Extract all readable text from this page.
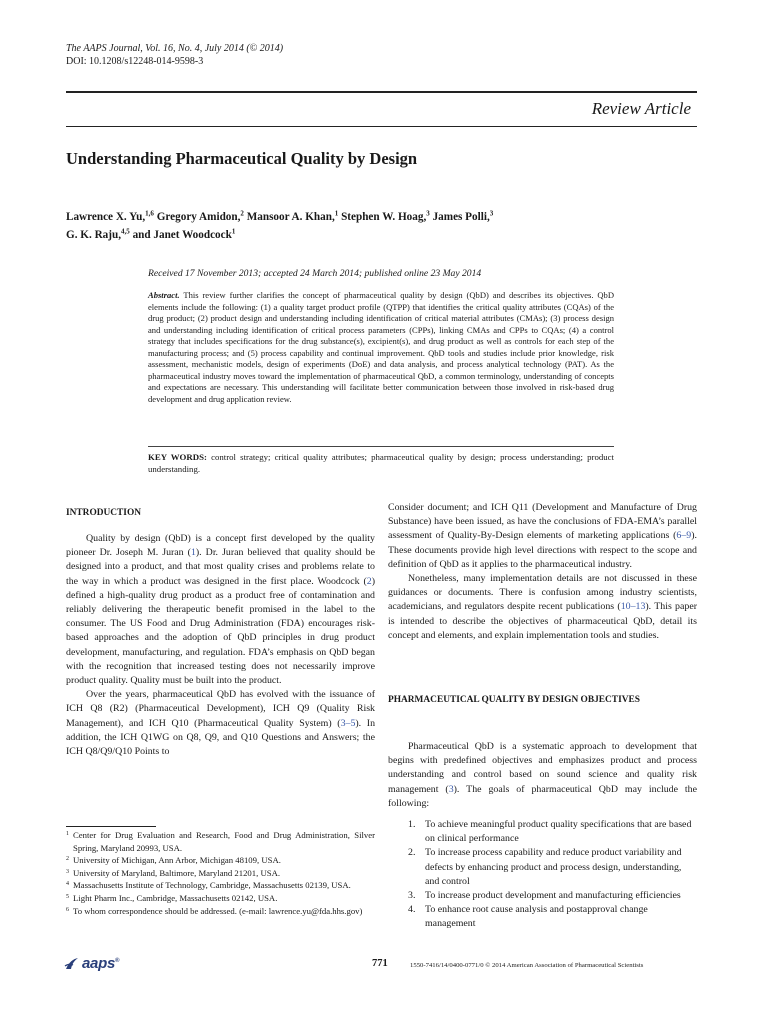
The AAPS Journal, Vol. 16, No. 4, July 2014 (© 2014)
DOI: 10.1208/s12248-014-9598-3
Review Article
Understanding Pharmaceutical Quality by Design
Lawrence X. Yu,$^{1,6}$ Gregory Amidon,$^2$ Mansoor A. Khan,$^1$ Stephen W. Hoag,$^3$ James Polli,$^3$
G. K. Raju,$^{4,5}$ and Janet Woodcock$^1$
Received 17 November 2013; accepted 24 March 2014; published online 23 May 2014
Abstract. This review further clarifies the concept of pharmaceutical quality by design (QbD) and describes its objectives. QbD elements include the following: (1) a quality target product profile (QTPP) that identifies the critical quality attributes (CQAs) of the drug product; (2) product design and understanding including identification of critical material attributes (CMAs); (3) process design and understanding including identification of critical process parameters (CPPs), linking CMAs and CPPs to CQAs; (4) a control strategy that includes specifications for the drug substance(s), excipient(s), and drug product as well as controls for each step of the manufacturing process; and (5) process capability and continual improvement. QbD tools and studies include prior knowledge, risk assessment, mechanistic models, design of experiments (DoE) and data analysis, and process analytical technology (PAT). As the pharmaceutical industry moves toward the implementation of pharmaceutical QbD, a common terminology, understanding of concepts and expectations are necessary. This understanding will facilitate better communication between those involved in risk-based drug development and drug application review.
KEY WORDS: control strategy; critical quality attributes; pharmaceutical quality by design; process understanding; product understanding.
INTRODUCTION

Quality by design (QbD) is a concept first developed by the quality pioneer Dr. Joseph M. Juran (1). Dr. Juran believed that quality should be designed into a product, and that most quality crises and problems relate to the way in which a product was designed in the first place. Woodcock (2) defined a high-quality drug product as a product free of contamination and reliably delivering the therapeutic benefit promised in the label to the consumer. The US Food and Drug Administration (FDA) encourages risk-based approaches and the adoption of QbD principles in drug product development, manufacturing, and regulation. FDA’s emphasis on QbD began with the recognition that increased testing does not necessarily improve product quality. Quality must be built into the product.

Over the years, pharmaceutical QbD has evolved with the issuance of ICH Q8 (R2) (Pharmaceutical Development), ICH Q9 (Quality Risk Management), and ICH Q10 (Pharmaceutical Quality System) (3–5). In addition, the ICH Q1WG on Q8, Q9, and Q10 Questions and Answers; the ICH Q8/Q9/Q10 Points to

1 Center for Drug Evaluation and Research, Food and Drug Administration, Silver Spring, Maryland 20993, USA.
2 University of Michigan, Ann Arbor, Michigan 48109, USA.
3 University of Maryland, Baltimore, Maryland 21201, USA.
4 Massachusetts Institute of Technology, Cambridge, Massachusetts 02139, USA.
5 Light Pharm Inc., Cambridge, Massachusetts 02142, USA.
6 To whom correspondence should be addressed. (e-mail: lawrence.yu@fda.hhs.gov)

Consider document; and ICH Q11 (Development and Manufacture of Drug Substance) have been issued, as have the conclusions of FDA-EMA’s parallel assessment of Quality-By-Design elements of marketing applications (6–9). These documents provide high level directions with respect to the scope and definition of QbD as it applies to the pharmaceutical industry.

Nonetheless, many implementation details are not discussed in these guidances or documents. There is confusion among industry scientists, academicians, and regulators despite recent publications (10–13). This paper is intended to describe the objectives of pharmaceutical QbD, detail its concept and elements, and explain implementation tools and studies.

PHARMACEUTICAL QUALITY BY DESIGN OBJECTIVES

Pharmaceutical QbD is a systematic approach to development that begins with predefined objectives and emphasizes product and process understanding and control based on sound science and quality risk management (3). The goals of pharmaceutical QbD may include the following:

1. To achieve meaningful product quality specifications that are based on clinical performance
2. To increase process capability and reduce product variability and defects by enhancing product and process design, understanding, and control
3. To increase product development and manufacturing efficiencies
4. To enhance root cause analysis and postapproval change management
aaps®	771	1550-7416/14/0400-0771/0 © 2014 American Association of Pharmaceutical Scientists
